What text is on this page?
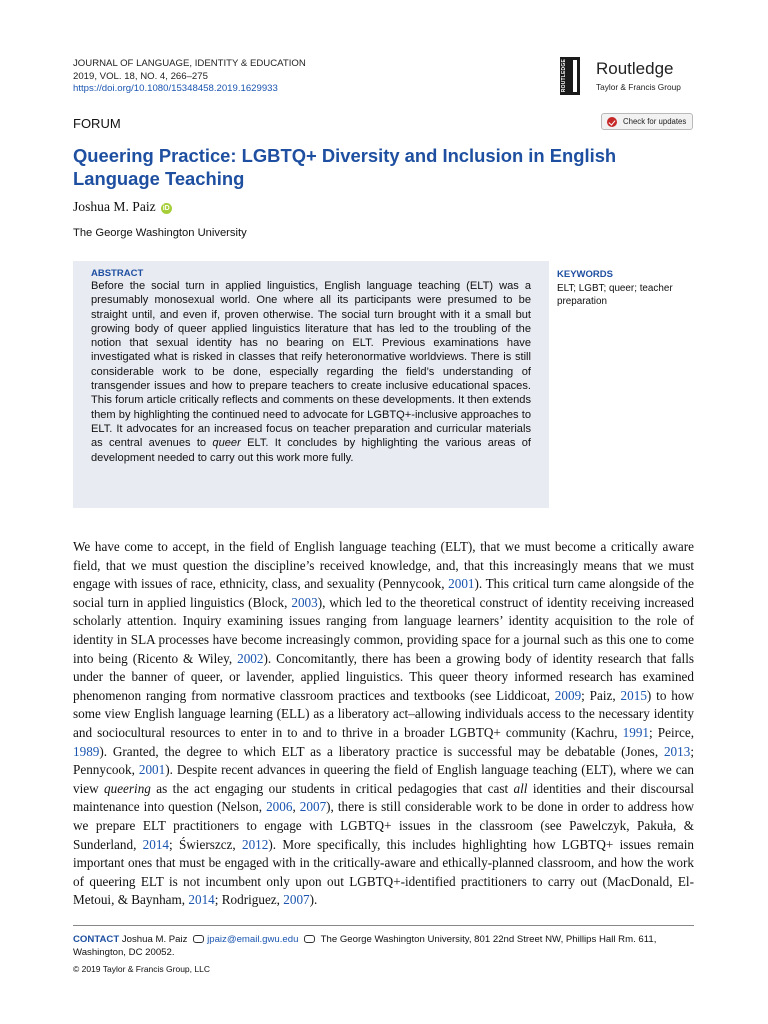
JOURNAL OF LANGUAGE, IDENTITY & EDUCATION
2019, VOL. 18, NO. 4, 266–275
https://doi.org/10.1080/15348458.2019.1629933	ROUTLEDGE Routledge
Taylor & Francis Group
FORUM	Check for updates
Queering Practice: LGBTQ+ Diversity and Inclusion in English Language Teaching
Joshua M. Paiz iD
The George Washington University
ABSTRACT
Before the social turn in applied linguistics, English language teaching (ELT) was a presumably monosexual world. One where all its participants were presumed to be straight until, and even if, proven otherwise. The social turn brought with it a small but growing body of queer applied linguistics literature that has led to the troubling of the notion that sexual identity has no bearing on ELT. Previous examinations have investigated what is risked in classes that reify heteronormative worldviews. There is still considerable work to be done, especially regarding the field’s understanding of transgender issues and how to prepare teachers to create inclusive educational spaces. This forum article critically reflects and comments on these developments. It then extends them by highlighting the continued need to advocate for LGBTQ+-inclusive approaches to ELT. It advocates for an increased focus on teacher preparation and curricular materials as central avenues to queer ELT. It concludes by highlighting the various areas of development needed to carry out this work more fully.
KEYWORDS
ELT; LGBT; queer; teacher preparation

We have come to accept, in the field of English language teaching (ELT), that we must become a critically aware field, that we must question the discipline’s received knowledge, and, that this increasingly means that we must engage with issues of race, ethnicity, class, and sexuality (Pennycook, 2001). This critical turn came alongside of the social turn in applied linguistics (Block, 2003), which led to the theoretical construct of identity receiving increased scholarly attention. Inquiry examining issues ranging from language learners’ identity acquisition to the role of identity in SLA processes have become increasingly common, providing space for a journal such as this one to come into being (Ricento & Wiley, 2002). Concomitantly, there has been a growing body of identity research that falls under the banner of queer, or lavender, applied linguistics. This queer theory informed research has examined phenomenon ranging from normative classroom practices and textbooks (see Liddicoat, 2009; Paiz, 2015) to how some view English language learning (ELL) as a liberatory act–allowing individuals access to the necessary identity and sociocultural resources to enter in to and to thrive in a broader LGBTQ+ community (Kachru, 1991; Peirce, 1989). Granted, the degree to which ELT as a liberatory practice is successful may be debatable (Jones, 2013; Pennycook, 2001). Despite recent advances in queering the field of English language teaching (ELT), where we can view queering as the act engaging our students in critical pedagogies that cast all identities and their discoursal maintenance into question (Nelson, 2006, 2007), there is still considerable work to be done in order to address how we prepare ELT practitioners to engage with LGBTQ+ issues in the classroom (see Pawelczyk, Pakuła, & Sunderland, 2014; Świerszcz, 2012). More specifically, this includes highlighting how LGBTQ+ issues remain important ones that must be engaged with in the critically-aware and ethically-planned classroom, and how the work of queering ELT is not incumbent only upon out LGBTQ+-identified practitioners to carry out (MacDonald, El-Metoui, & Baynham, 2014; Rodriguez, 2007).

CONTACT Joshua M. Paiz jpaiz@email.gwu.edu  The George Washington University, 801 22nd Street NW, Phillips Hall Rm. 611, Washington, DC 20052.
© 2019 Taylor & Francis Group, LLC
